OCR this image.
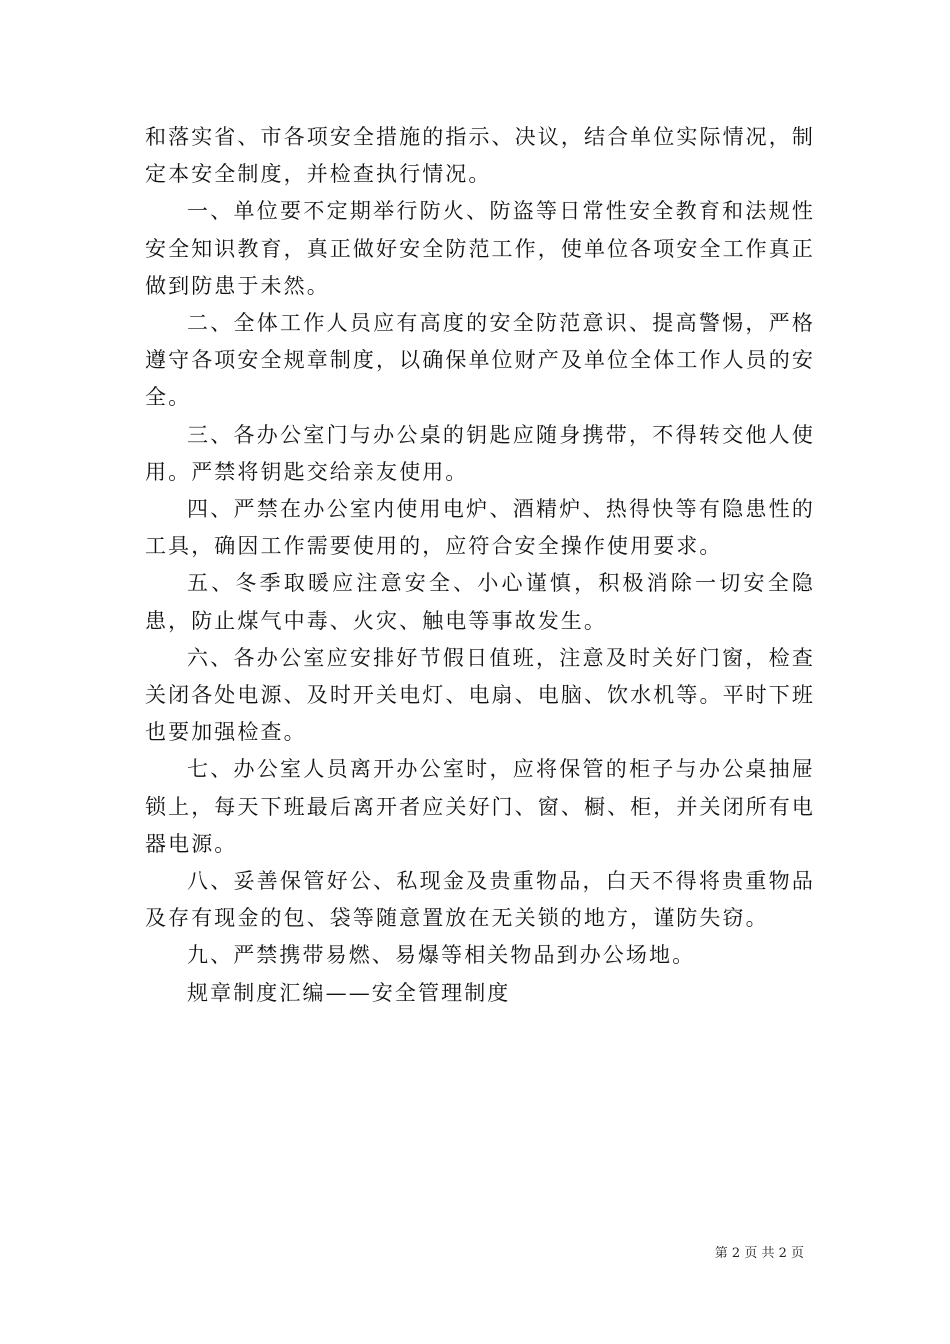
和落实省、市各项安全措施的指示、决议，结合单位实际情况，制定本安全制度，并检查执行情况。

一、单位要不定期举行防火、防盗等日常性安全教育和法规性安全知识教育，真正做好安全防范工作，使单位各项安全工作真正做到防患于未然。

二、全体工作人员应有高度的安全防范意识、提高警惕，严格遵守各项安全规章制度，以确保单位财产及单位全体工作人员的安全。

三、各办公室门与办公桌的钥匙应随身携带，不得转交他人使用。严禁将钥匙交给亲友使用。

四、严禁在办公室内使用电炉、酒精炉、热得快等有隐患性的工具，确因工作需要使用的，应符合安全操作使用要求。

五、冬季取暖应注意安全、小心谨慎，积极消除一切安全隐患，防止煤气中毒、火灾、触电等事故发生。

六、各办公室应安排好节假日值班，注意及时关好门窗，检查关闭各处电源、及时开关电灯、电扇、电脑、饮水机等。平时下班也要加强检查。

七、办公室人员离开办公室时，应将保管的柜子与办公桌抽屉锁上，每天下班最后离开者应关好门、窗、橱、柜，并关闭所有电器电源。

八、妥善保管好公、私现金及贵重物品，白天不得将贵重物品及存有现金的包、袋等随意置放在无关锁的地方，谨防失窃。

九、严禁携带易燃、易爆等相关物品到办公场地。

规章制度汇编——安全管理制度

第 2 页 共 2 页
